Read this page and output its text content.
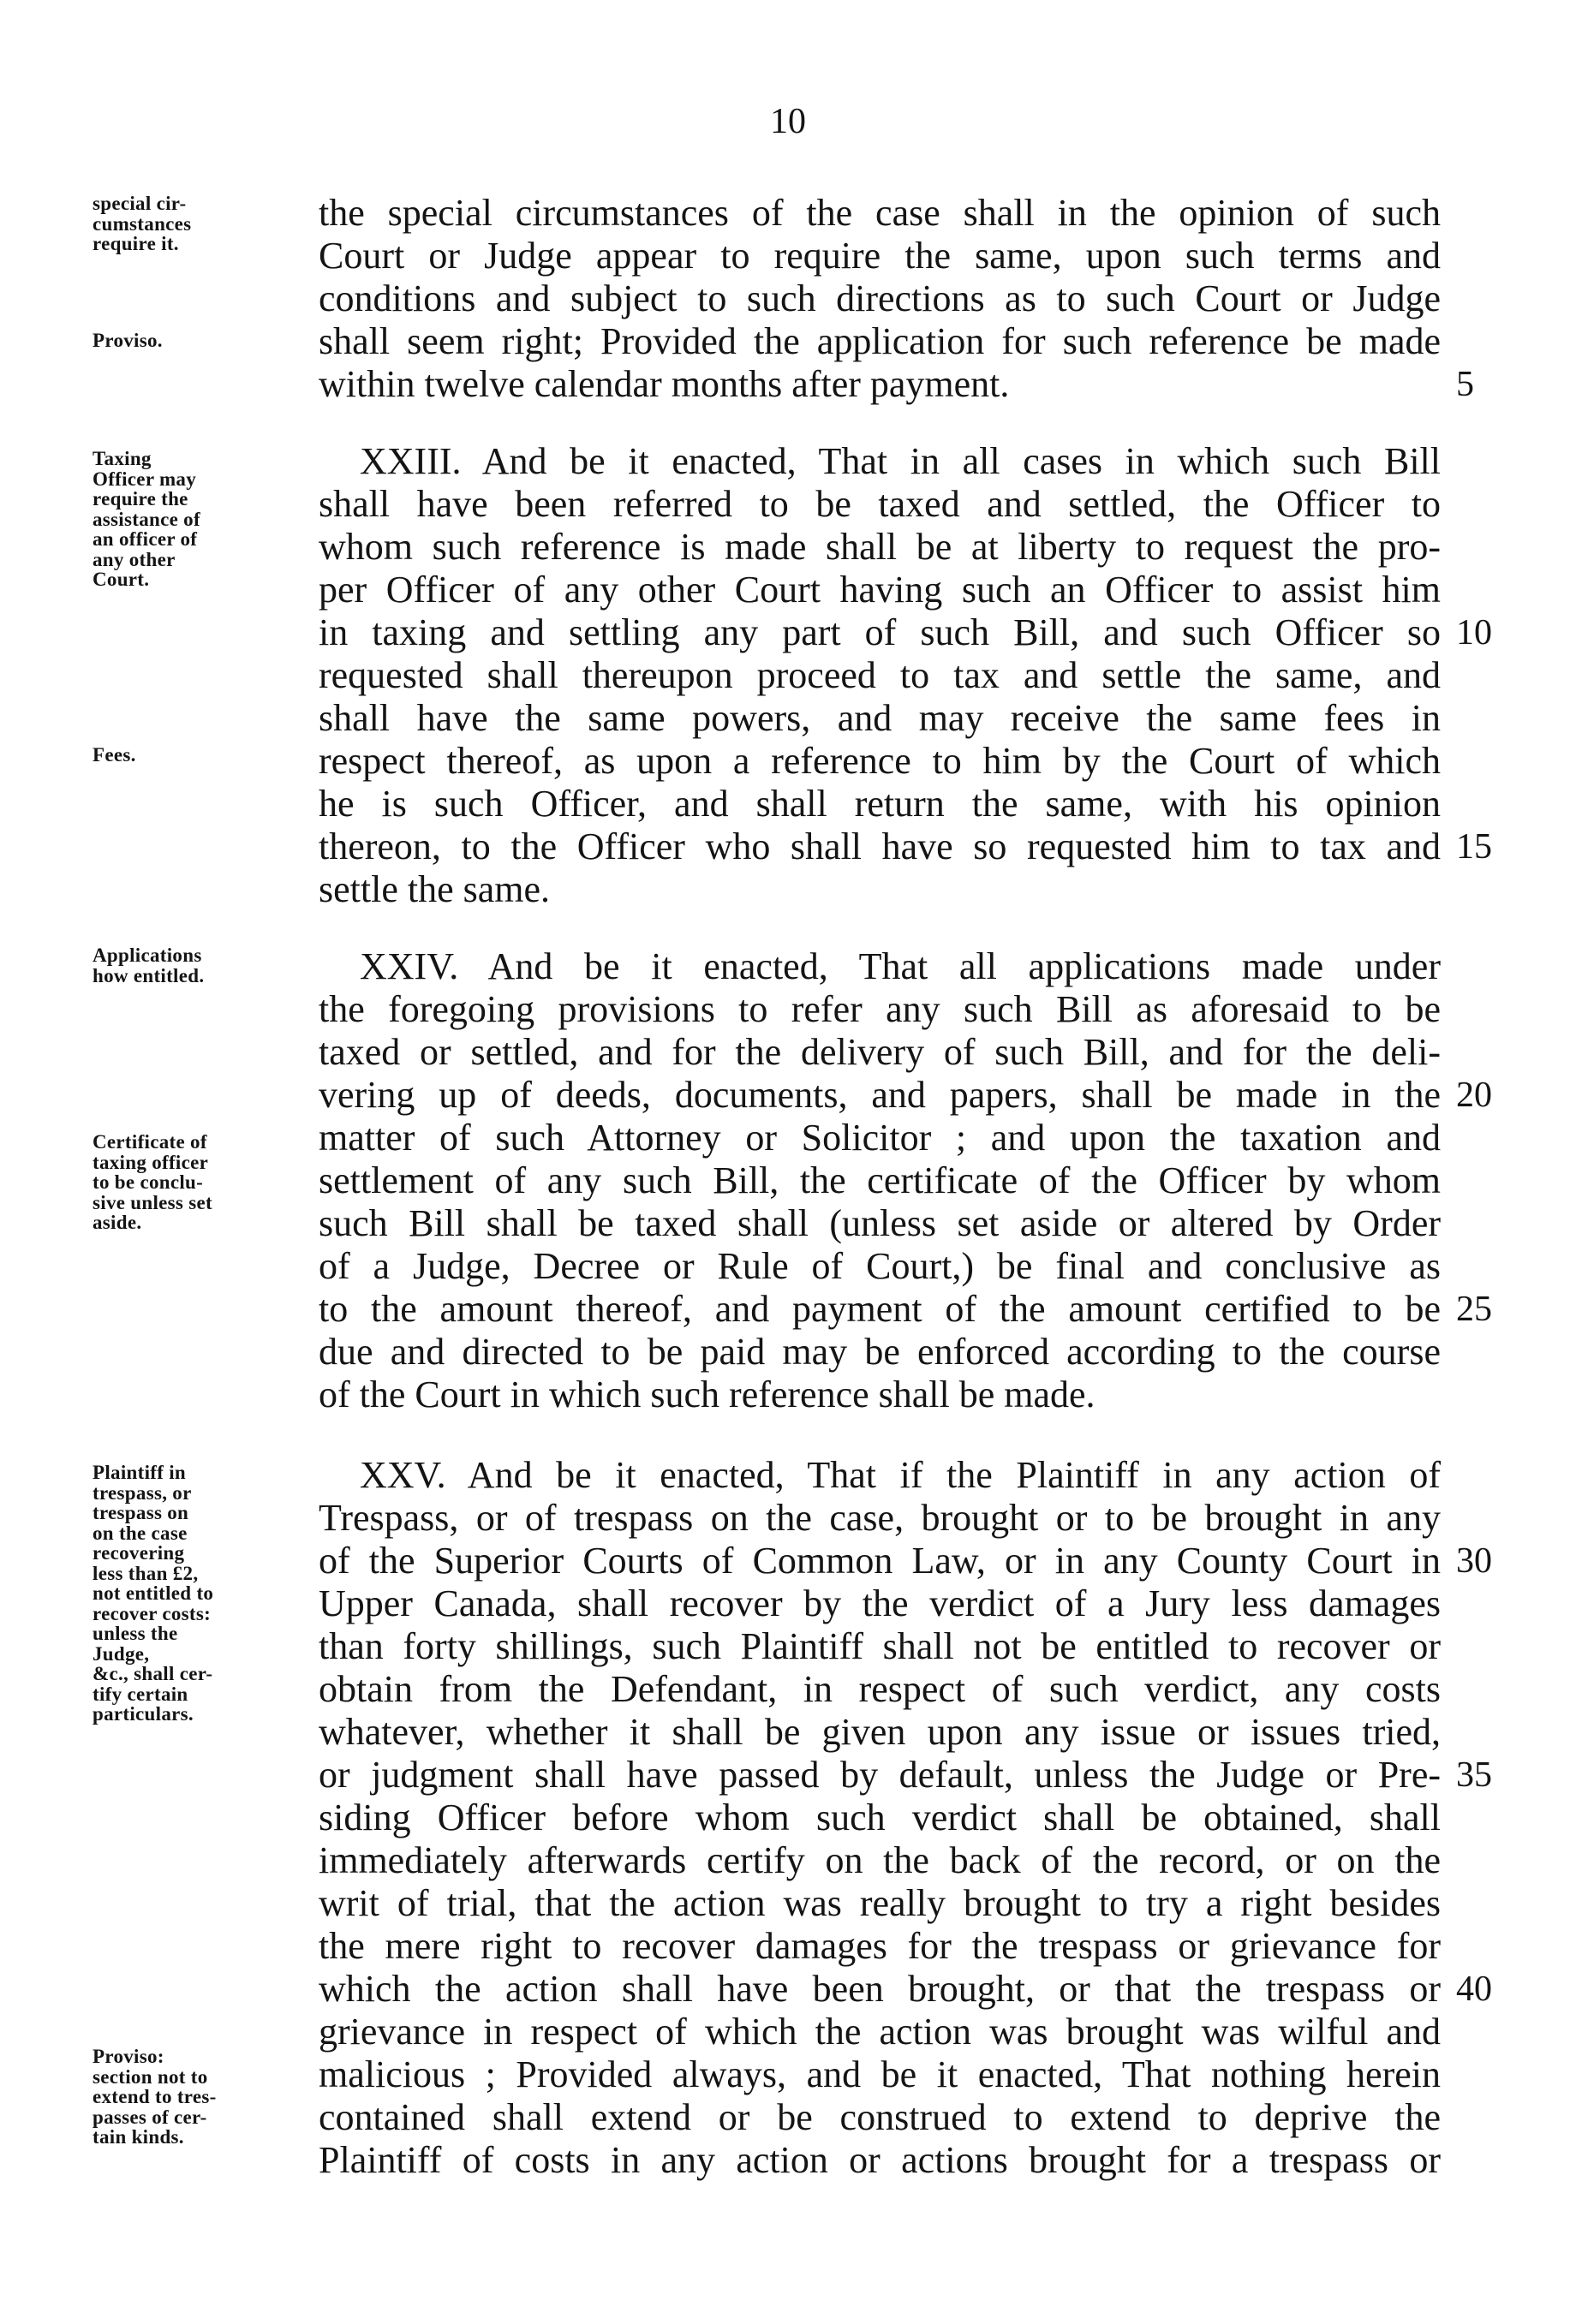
10
special cir-
cumstances
require it.
Proviso.
Taxing
Officer may
require the
assistance of
an officer of
any other
Court.
Fees.
Applications
how entitled.
Certificate of
taxing officer
to be conclu-
sive unless set
aside.
Plaintiff in
trespass, or
trespass on
on the case
recovering
less than £2,
not entitled to
recover costs:
unless the
Judge,
&c., shall cer-
tify certain
particulars.
Proviso:
section not to
extend to tres-
passes of cer-
tain kinds.
the special circumstances of the case shall in the opinion of such
Court or Judge appear to require the same, upon such terms and
conditions and subject to such directions as to such Court or Judge
shall seem right; Provided the application for such reference be made
within twelve calendar months after payment.
XXIII. And be it enacted, That in all cases in which such Bill
shall have been referred to be taxed and settled, the Officer to
whom such reference is made shall be at liberty to request the pro-
per Officer of any other Court having such an Officer to assist him
in taxing and settling any part of such Bill, and such Officer so
requested shall thereupon proceed to tax and settle the same, and
shall have the same powers, and may receive the same fees in
respect thereof, as upon a reference to him by the Court of which
he is such Officer, and shall return the same, with his opinion
thereon, to the Officer who shall have so requested him to tax and
settle the same.
XXIV. And be it enacted, That all applications made under
the foregoing provisions to refer any such Bill as aforesaid to be
taxed or settled, and for the delivery of such Bill, and for the deli-
vering up of deeds, documents, and papers, shall be made in the
matter of such Attorney or Solicitor ; and upon the taxation and
settlement of any such Bill, the certificate of the Officer by whom
such Bill shall be taxed shall (unless set aside or altered by Order
of a Judge, Decree or Rule of Court,) be final and conclusive as
to the amount thereof, and payment of the amount certified to be
due and directed to be paid may be enforced according to the course
of the Court in which such reference shall be made.
XXV. And be it enacted, That if the Plaintiff in any action of
Trespass, or of trespass on the case, brought or to be brought in any
of the Superior Courts of Common Law, or in any County Court in
Upper Canada, shall recover by the verdict of a Jury less damages
than forty shillings, such Plaintiff shall not be entitled to recover or
obtain from the Defendant, in respect of such verdict, any costs
whatever, whether it shall be given upon any issue or issues tried,
or judgment shall have passed by default, unless the Judge or Pre-
siding Officer before whom such verdict shall be obtained, shall
immediately afterwards certify on the back of the record, or on the
writ of trial, that the action was really brought to try a right besides
the mere right to recover damages for the trespass or grievance for
which the action shall have been brought, or that the trespass or
grievance in respect of which the action was brought was wilful and
malicious ; Provided always, and be it enacted, That nothing herein
contained shall extend or be construed to extend to deprive the
Plaintiff of costs in any action or actions brought for a trespass or
5
10
15
20
25
30
35
40
